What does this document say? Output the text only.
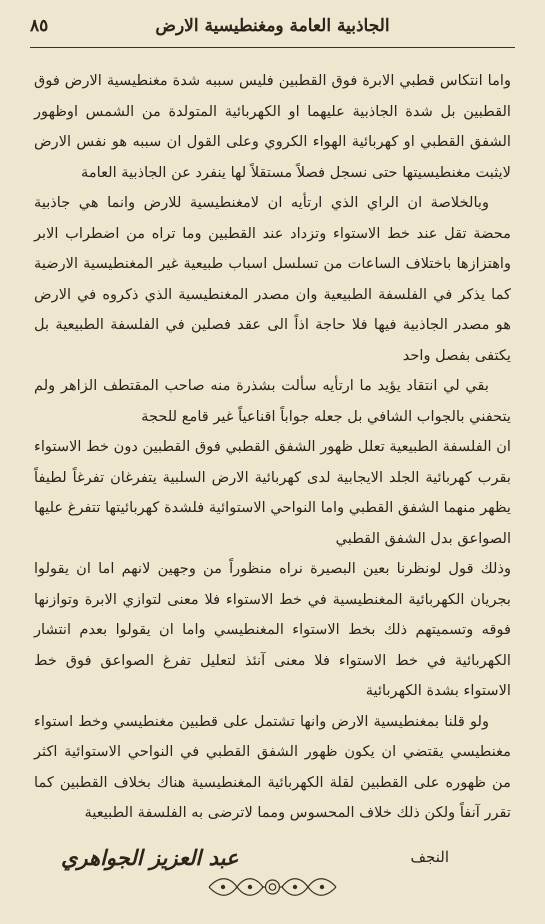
٨٥	الجاذبية العامة ومغنطيسية الارض

واما انتكاس قطبي الابرة فوق القطبين فليس سببه شدة مغنطيسية الارض فوق القطبين بل شدة الجاذبية عليهما او الكهربائية المتولدة من الشمس اوظهور الشفق القطبي او كهربائية الهواء الكروي وعلى القول ان سببه هو نفس الارض لايثبت مغنطيسيتها حتى نسجل فصلاً مستقلاً لها ينفرد عن الجاذبية العامة

وبالخلاصة ان الراي الذي ارتأيه ان لامغنطيسية للارض وانما هي جاذبية محضة تقل عند خط الاستواء وتزداد عند القطبين وما تراه من اضطراب الابر واهتزازها باختلاف الساعات من تسلسل اسباب طبيعية غير المغنطيسية الارضية كما يذكر في الفلسفة الطبيعية وان مصدر المغنطيسية الذي ذكروه في الارض هو مصدر الجاذبية فيها فلا حاجة اذاً الى عقد فصلين في الفلسفة الطبيعية بل يكتفى بفصل واحد

بقي لي انتقاد يؤيد ما ارتأيه سألت بشذرة منه صاحب المقتطف الزاهر ولم يتحفني بالجواب الشافي بل جعله جواباً اقناعياً غير قامع للحجة

ان الفلسفة الطبيعية تعلل ظهور الشفق القطبي فوق القطبين دون خط الاستواء بقرب كهربائية الجلد الايجابية لدى كهربائية الارض السلبية يتفرغان تفرغاً لطيفاً يظهر منهما الشفق القطبي واما النواحي الاستوائية فلشدة كهربائيتها تتفرغ عليها الصواعق بدل الشفق القطبي

وذلك قول لونظرنا بعين البصيرة نراه منظوراً من وجهين لانهم اما ان يقولوا بجريان الكهربائية المغنطيسية في خط الاستواء فلا معنى لتوازي الابرة وتوازنها فوقه وتسميتهم ذلك بخط الاستواء المغنطيسي واما ان يقولوا بعدم انتشار الكهربائية في خط الاستواء فلا معنى آنئذ لتعليل تفرغ الصواعق فوق خط الاستواء بشدة الكهربائية

ولو قلنا بمغنطيسية الارض وانها تشتمل على قطبين مغنطيسي وخط استواء مغنطيسي يقتضي ان يكون ظهور الشفق القطبي في النواحي الاستوائية اكثر من ظهوره على القطبين لقلة الكهربائية المغنطيسية هناك بخلاف القطبين كما تقرر آنفاً ولكن ذلك خلاف المحسوس ومما لاترضى به الفلسفة الطبيعية

النجف
عبد العزيز الجواهري
